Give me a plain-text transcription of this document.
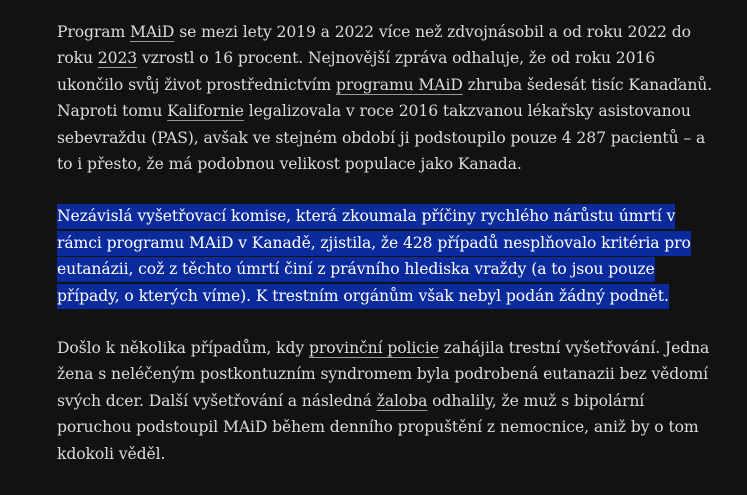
Program MAiD se mezi lety 2019 a 2022 více než zdvojnásobil a od roku 2022 do roku 2023 vzrostl o 16 procent. Nejnovější zpráva odhaluje, že od roku 2016 ukončilo svůj život prostřednictvím programu MAiD zhruba šedesát tisíc Kanaďanů. Naproti tomu Kalifornie legalizovala v roce 2016 takzvanou lékařsky asistovanou sebevraždu (PAS), avšak ve stejném období ji podstoupilo pouze 4 287 pacientů – a to i přesto, že má podobnou velikost populace jako Kanada.

Nezávislá vyšetřovací komise, která zkoumala příčiny rychlého nárůstu úmrtí v rámci programu MAiD v Kanadě, zjistila, že 428 případů nesplňovalo kritéria pro eutanázii, což z těchto úmrtí činí z právního hlediska vraždy (a to jsou pouze případy, o kterých víme). K trestním orgánům však nebyl podán žádný podnět.

Došlo k několika případům, kdy provinční policie zahájila trestní vyšetřování. Jedna žena s neléčeným postkontuzním syndromem byla podrobená eutanazii bez vědomí svých dcer. Další vyšetřování a následná žaloba odhalily, že muž s bipolární poruchou podstoupil MAiD během denního propuštění z nemocnice, aniž by o tom kdokoli věděl.
